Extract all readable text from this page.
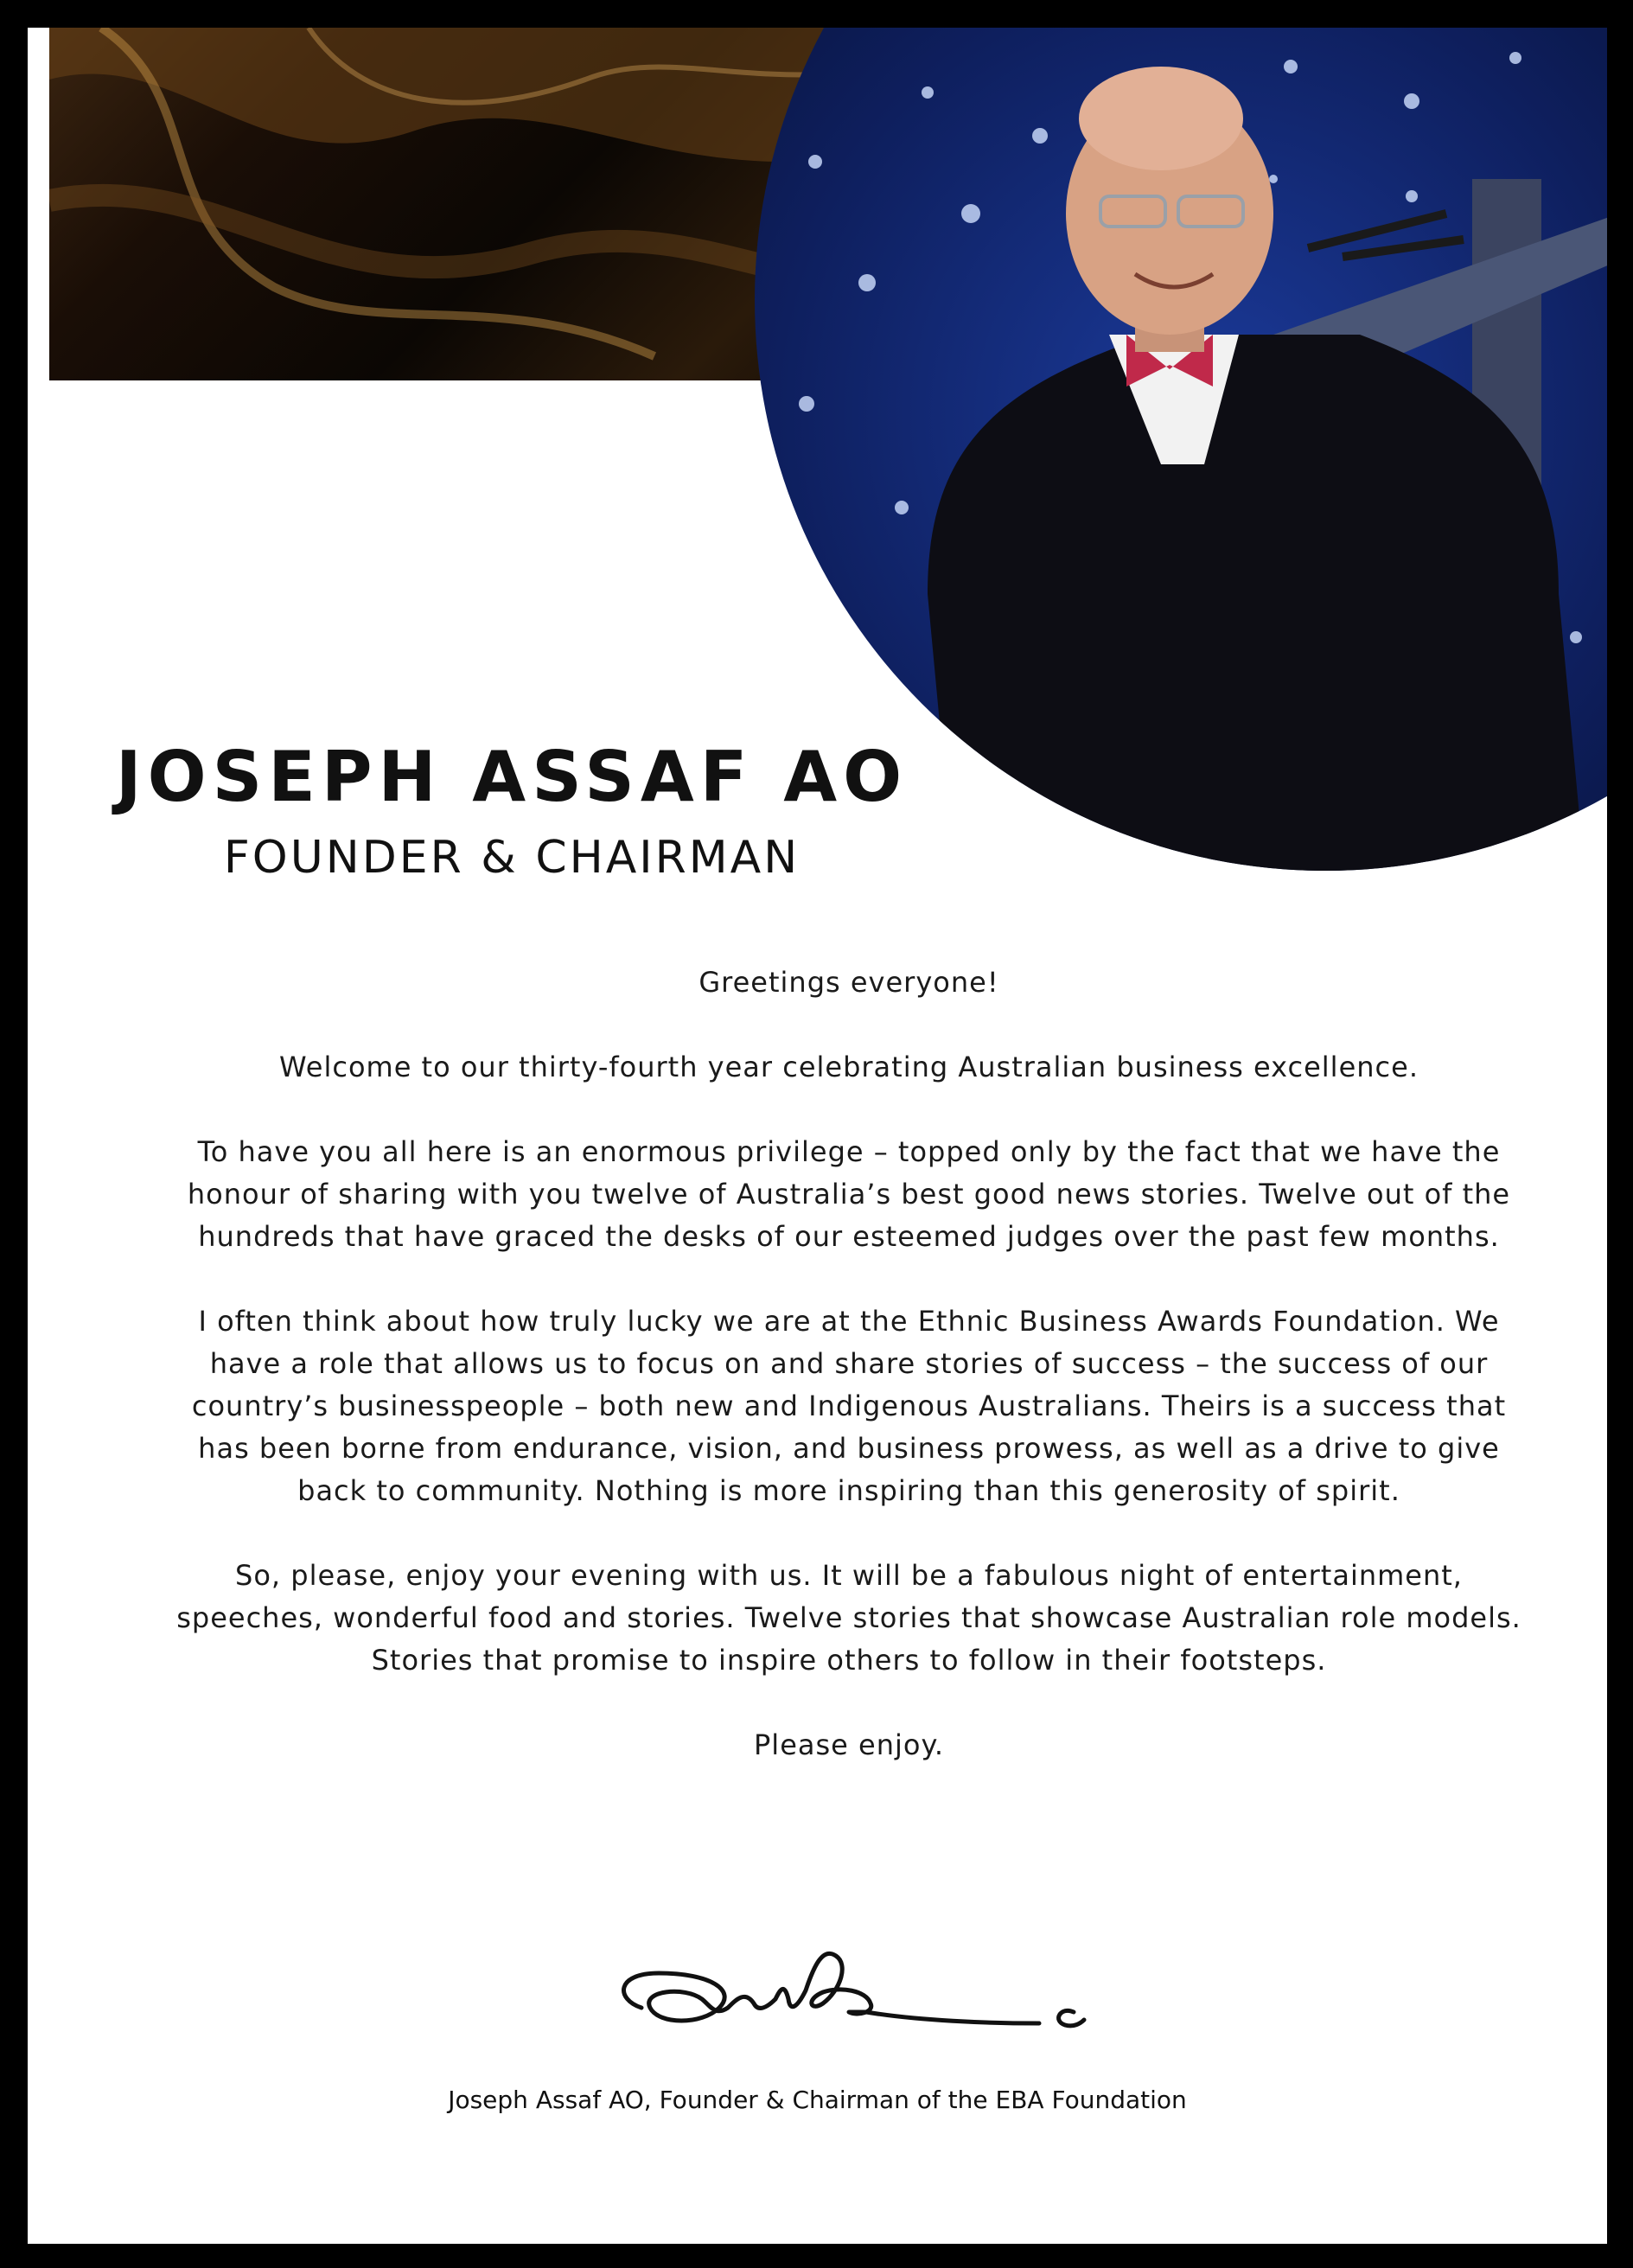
JOSEPH ASSAF AO
FOUNDER & CHAIRMAN

Greetings everyone!

Welcome to our thirty-fourth year celebrating Australian business excellence.

To have you all here is an enormous privilege – topped only by the fact that we have the honour of sharing with you twelve of Australia’s best good news stories. Twelve out of the hundreds that have graced the desks of our esteemed judges over the past few months.

I often think about how truly lucky we are at the Ethnic Business Awards Foundation. We have a role that allows us to focus on and share stories of success – the success of our country’s businesspeople – both new and Indigenous Australians. Theirs is a success that has been borne from endurance, vision, and business prowess, as well as a drive to give back to community. Nothing is more inspiring than this generosity of spirit.

So, please, enjoy your evening with us. It will be a fabulous night of entertainment, speeches, wonderful food and stories. Twelve stories that showcase Australian role models. Stories that promise to inspire others to follow in their footsteps.

Please enjoy.

Joseph Assaf AO, Founder & Chairman of the EBA Foundation
